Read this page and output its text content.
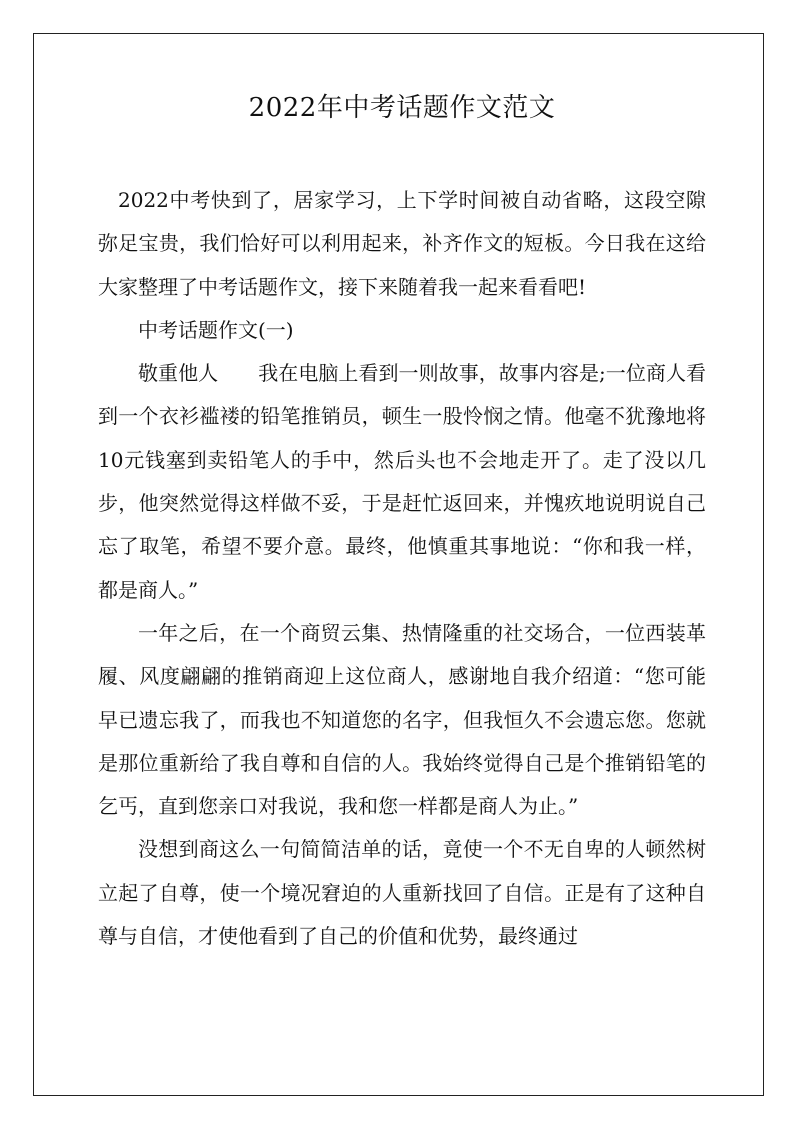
2022年中考话题作文范文

2022中考快到了，居家学习，上下学时间被自动省略，这段空隙弥足宝贵，我们恰好可以利用起来，补齐作文的短板。今日我在这给大家整理了中考话题作文，接下来随着我一起来看看吧!

中考话题作文(一)

敬重他人 我在电脑上看到一则故事，故事内容是;一位商人看到一个衣衫褴褛的铅笔推销员，顿生一股怜悯之情。他毫不犹豫地将10元钱塞到卖铅笔人的手中，然后头也不会地走开了。走了没以几步，他突然觉得这样做不妥，于是赶忙返回来，并愧疚地说明说自己忘了取笔，希望不要介意。最终，他慎重其事地说：“你和我一样，都是商人。”

一年之后，在一个商贸云集、热情隆重的社交场合，一位西装革履、风度翩翩的推销商迎上这位商人，感谢地自我介绍道：“您可能早已遗忘我了，而我也不知道您的名字，但我恒久不会遗忘您。您就是那位重新给了我自尊和自信的人。我始终觉得自己是个推销铅笔的乞丐，直到您亲口对我说，我和您一样都是商人为止。”

没想到商这么一句简简洁单的话，竟使一个不无自卑的人顿然树立起了自尊，使一个境况窘迫的人重新找回了自信。正是有了这种自尊与自信，才使他看到了自己的价值和优势，最终通过
